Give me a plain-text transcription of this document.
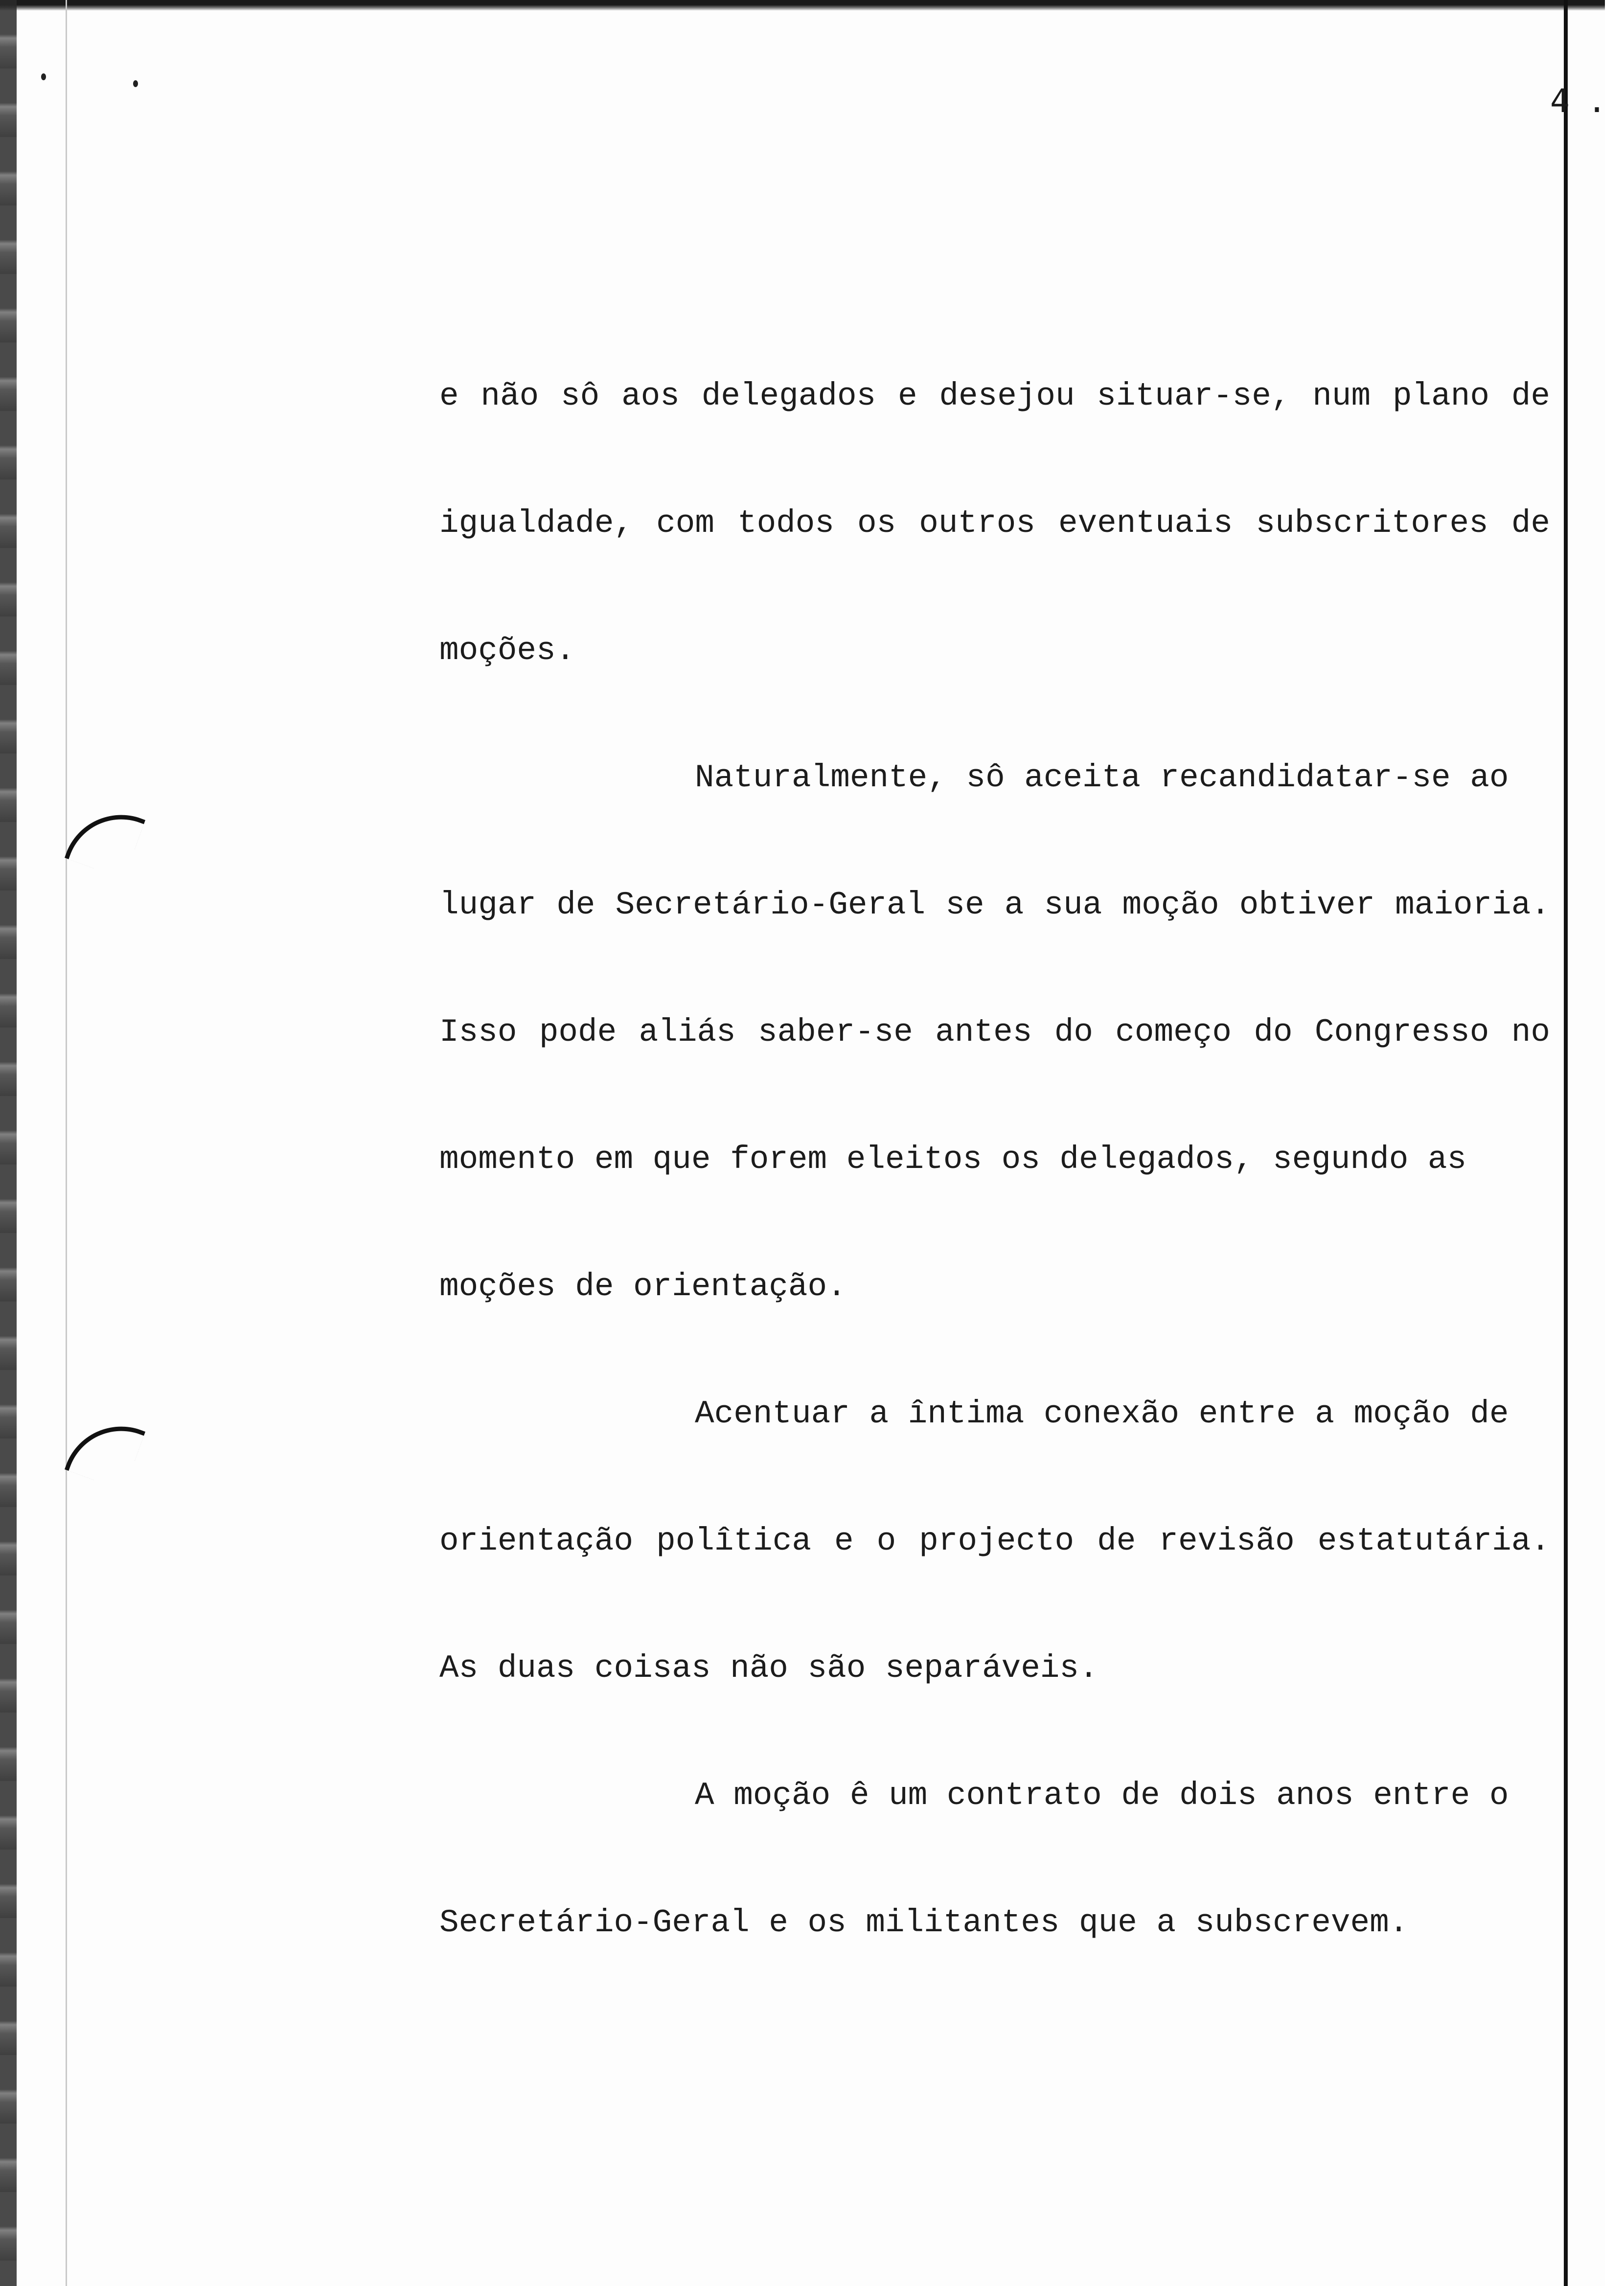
4.
e não sô aos delegados e desejou situar-se, num plano de
igualdade, com todos os outros eventuais subscritores de
moções.
Naturalmente, sô aceita recandidatar-se ao
lugar de Secretário-Geral se a sua moção obtiver maioria.
Isso pode aliás saber-se antes do começo do Congresso no
momento em que forem eleitos os delegados, segundo as
moções de orientação.
Acentuar a întima conexão entre a moção de
orientação polîtica e o projecto de revisão estatutária.
As duas coisas não são separáveis.
A moção ê um contrato de dois anos entre o
Secretário-Geral e os militantes que a subscrevem.
